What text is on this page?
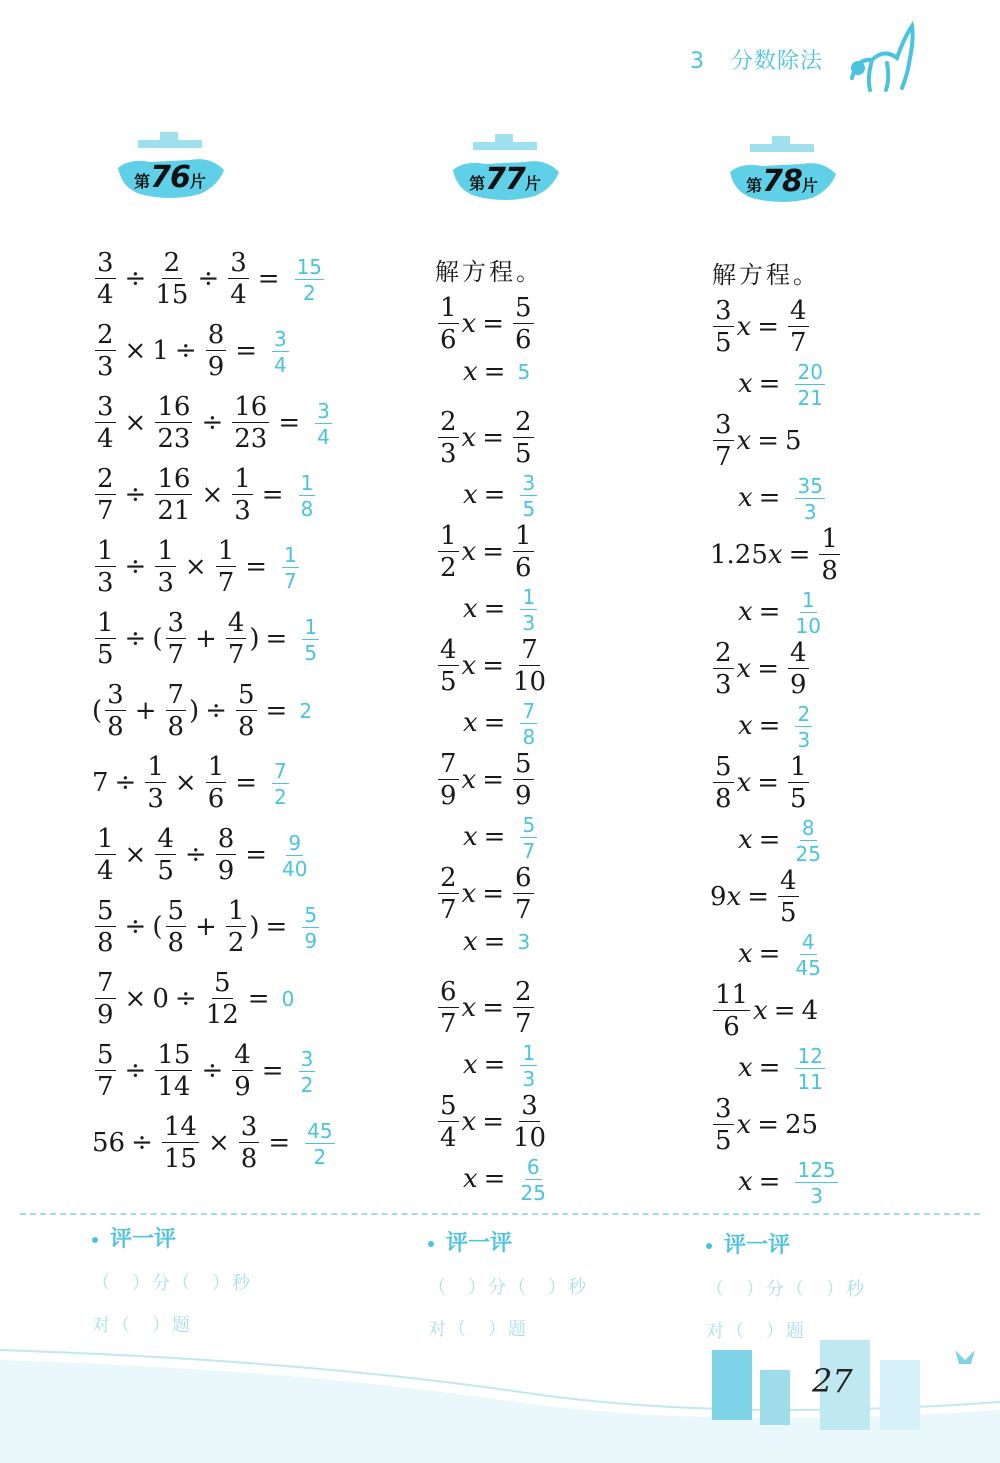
3 分数除法
第76片	第77片	第78片
解方程。	解方程。
$\frac{3}{4} \div \frac{2}{15} \div \frac{3}{4} = \frac{15}{2}$
$\frac{2}{3} \times 1 \div \frac{8}{9} = \frac{3}{4}$
$\frac{3}{4} \times \frac{16}{23} \div \frac{16}{23} = \frac{3}{4}$
$\frac{2}{7} \div \frac{16}{21} \times \frac{1}{3} = \frac{1}{8}$
$\frac{1}{3} \div \frac{1}{3} \times \frac{1}{7} = \frac{1}{7}$
$\frac{1}{5}$ ÷ ( $\frac{3}{7} + \frac{4}{7}$ ) = $\frac{1}{5}$
( $\frac{3}{8} + \frac{7}{8}$ ) ÷ $\frac{5}{8} = 2$
$7 \div \frac{1}{3} \times \frac{1}{6} = \frac{7}{2}$
$\frac{1}{4} \times \frac{4}{5} \div \frac{8}{9} = \frac{9}{40}$
$\frac{5}{8}$ ÷ ( $\frac{5}{8} + \frac{1}{2}$ ) = $\frac{5}{9}$
$\frac{7}{9} \times 0 \div \frac{5}{12} = 0$
$\frac{5}{7} \div \frac{15}{14} \div \frac{4}{9} = \frac{3}{2}$
$56 \div \frac{14}{15} \times \frac{3}{8} = \frac{45}{2}$
$\frac{1}{6}$ $x = \frac{5}{6}$
x = 5
$\frac{2}{3}$ $x = \frac{2}{5}$
$x = \frac{3}{5}$
$\frac{1}{2}$ $x = \frac{1}{6}$
$x = \frac{1}{3}$
$\frac{4}{5}$ $x = \frac{7}{10}$
$x = \frac{7}{8}$
$\frac{7}{9}$ $x = \frac{5}{9}$
$x = \frac{5}{7}$
$\frac{2}{7}$ $x = \frac{6}{7}$
x = 3
$\frac{6}{7}$ $x = \frac{2}{7}$
$x = \frac{1}{3}$
$\frac{5}{4}$ $x = \frac{3}{10}$
$x = \frac{6}{25}$
$\frac{3}{5}$ $x = \frac{4}{7}$
$x = \frac{20}{21}$
$\frac{3}{7}$ x = 5
$x = \frac{35}{3}$
1.25 $x = \frac{1}{8}$
$x = \frac{1}{10}$
$\frac{2}{3}$ $x = \frac{4}{9}$
$x = \frac{2}{3}$
$\frac{5}{8}$ $x = \frac{1}{5}$
$x = \frac{8}{25}$
9 $x = \frac{4}{5}$
$x = \frac{4}{45}$
$\frac{11}{6}$ x = 4
$x = \frac{12}{11}$
$\frac{3}{5}$ x = 25
$x = \frac{125}{3}$
评一评
（　）分（　）秒
对（　）题
评一评
（　）分（　）秒
对（　）题
评一评
（　）分（　）秒
对（　）题
27
